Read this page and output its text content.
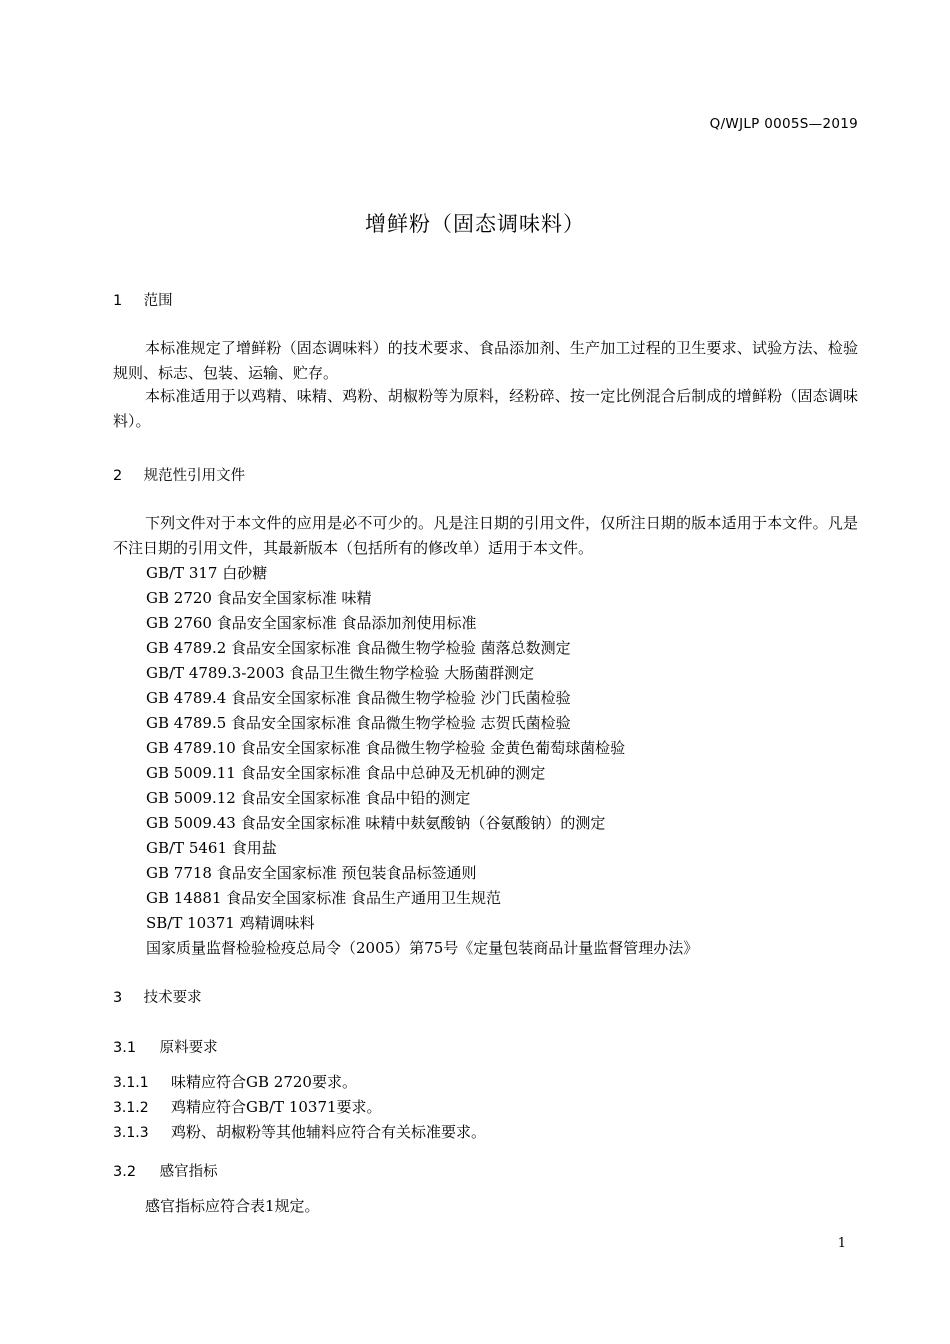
Q/WJLP 0005S—2019
增鲜粉（固态调味料）
1 范围
本标准规定了增鲜粉（固态调味料）的技术要求、食品添加剂、生产加工过程的卫生要求、试验方法、检验规则、标志、包装、运输、贮存。
本标准适用于以鸡精、味精、鸡粉、胡椒粉等为原料，经粉碎、按一定比例混合后制成的增鲜粉（固态调味料）。
2 规范性引用文件
下列文件对于本文件的应用是必不可少的。凡是注日期的引用文件，仅所注日期的版本适用于本文件。凡是不注日期的引用文件，其最新版本（包括所有的修改单）适用于本文件。
GB/T 317 白砂糖
GB 2720 食品安全国家标准 味精
GB 2760 食品安全国家标准 食品添加剂使用标准
GB 4789.2 食品安全国家标准 食品微生物学检验 菌落总数测定
GB/T 4789.3-2003 食品卫生微生物学检验 大肠菌群测定
GB 4789.4 食品安全国家标准 食品微生物学检验 沙门氏菌检验
GB 4789.5 食品安全国家标准 食品微生物学检验 志贺氏菌检验
GB 4789.10 食品安全国家标准 食品微生物学检验 金黄色葡萄球菌检验
GB 5009.11 食品安全国家标准 食品中总砷及无机砷的测定
GB 5009.12 食品安全国家标准 食品中铅的测定
GB 5009.43 食品安全国家标准 味精中麸氨酸钠（谷氨酸钠）的测定
GB/T 5461 食用盐
GB 7718 食品安全国家标准 预包装食品标签通则
GB 14881 食品安全国家标准 食品生产通用卫生规范
SB/T 10371 鸡精调味料
国家质量监督检验检疫总局令（2005）第75号《定量包装商品计量监督管理办法》
3 技术要求
3.1 原料要求
3.1.1 味精应符合GB 2720要求。
3.1.2 鸡精应符合GB/T 10371要求。
3.1.3 鸡粉、胡椒粉等其他辅料应符合有关标准要求。
3.2 感官指标
感官指标应符合表1规定。
1
